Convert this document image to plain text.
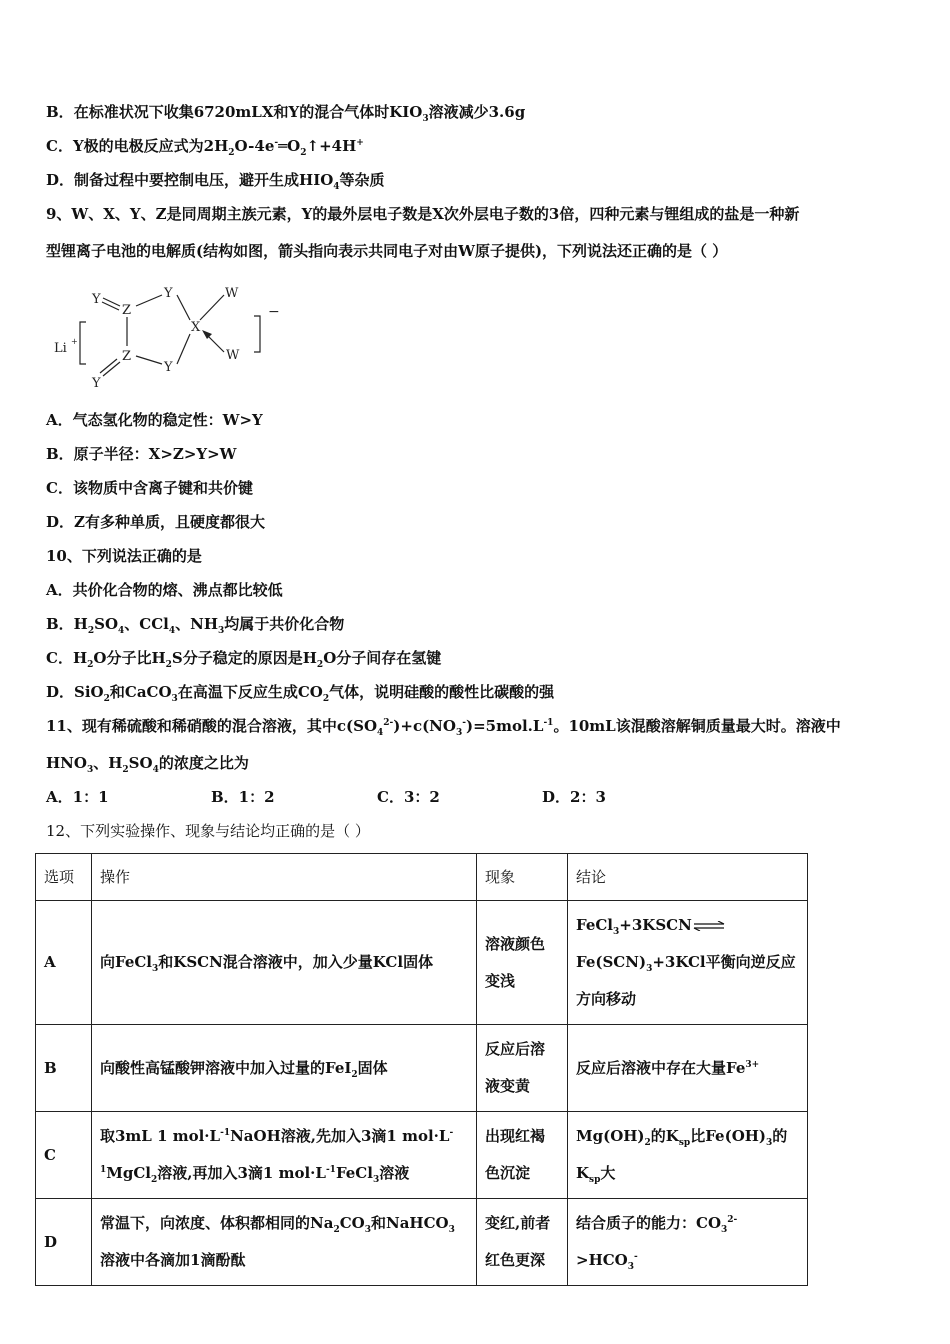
B．在标准状况下收集6720mLX和Y的混合气体时$KIO_3$溶液减少3.6g
C．Y极的电极反应式为$2H_2O-4e^-═O_2↑+4H^+$
D．制备过程中要控制电压，避开生成$HIO_4$等杂质
9、W、X、Y、Z是同周期主族元素，Y的最外层电子数是X次外层电子数的3倍，四种元素与锂组成的盐是一种新
型锂离子电池的电解质(结构如图，箭头指向表示共同电子对由W原子提供)，下列说法还正确的是（ ）
Li +
Y
Z
Y
X
W
W
Z
Y
Y
−
A．气态氢化物的稳定性：W>Y
B．原子半径：X>Z>Y>W
C．该物质中含离子键和共价键
D．Z有多种单质，且硬度都很大
10、下列说法正确的是
A．共价化合物的熔、沸点都比较低
B．$H_2SO_4$、CCl$_4$、$NH_3$均属于共价化合物
C．$H_2O$分子比$H_2S$分子稳定的原因是$H_2O$分子间存在氢键
D．SiO$_2$和CaCO$_3$在高温下反应生成$CO_2$气体，说明硅酸的酸性比碳酸的强
11、现有稀硫酸和稀硝酸的混合溶液，其中$c(SO_4^{2-})+c(NO_3^-)=5mol.L^{-1}$。10mL该混酸溶解铜质量最大时。溶液中
$HNO_3$、$H_2SO_4$的浓度之比为
A．1：1	B．1：2	C．3：2	D．2：3
12、下列实验操作、现象与结论均正确的是（ ）
选项	操作	现象	结论
A	向FeCl$_3$和KSCN混合溶液中，加入少量KCl固体	溶液颜色变浅	$FeCl_3+3KSCN\rightleftharpoons Fe(SCN)_3+3KCl$平衡向逆反应方向移动
B	向酸性高锰酸钾溶液中加入过量的FeI$_2$固体	反应后溶液变黄	反应后溶液中存在大量$Fe^{3+}$
C	取3mL 1 $mol\cdot L^{-1}NaOH$溶液,先加入3滴1 $mol\cdot L^{-1}MgCl_2$溶液,再加入3滴1 $mol\cdot L^{-1}FeCl_3$溶液	出现红褐色沉淀	$Mg(OH)_2$的$K_{sp}$比$Fe(OH)_3$的$K_{sp}$大
D	常温下，向浓度、体积都相同的$Na_2CO_3$和NaHCO$_3$溶液中各滴加1滴酚酞	变红,前者红色更深	结合质子的能力：$CO_3^{2-}>HCO_3^-$
